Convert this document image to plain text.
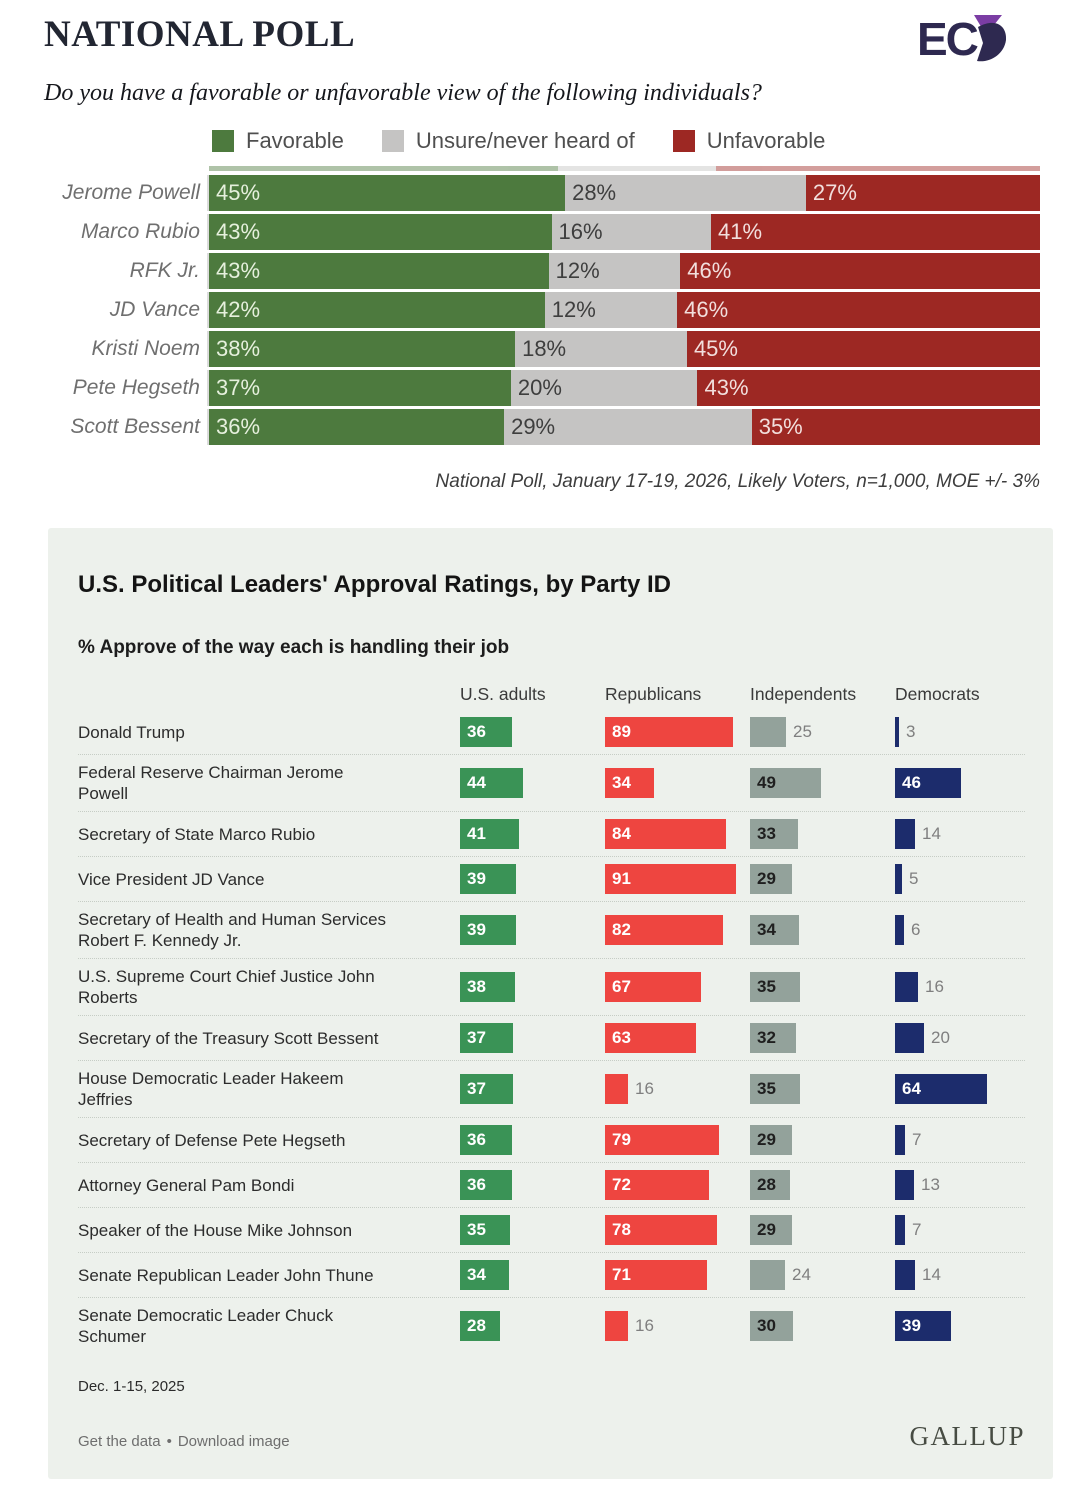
NATIONAL POLL	EC
Do you have a favorable or unfavorable view of the following individuals?
Favorable	Unsure/never heard of	Unfavorable
Jerome Powell 45%	28%	27%
Marco Rubio 43%	16%	41%
RFK Jr. 43%	12%	46%
JD Vance 42%	12%	46%
Kristi Noem 38%	18%	45%
Pete Hegseth 37%	20%	43%
Scott Bessent 36%	29%	35%
National Poll, January 17-19, 2026, Likely Voters, n=1,000, MOE +/- 3%
U.S. Political Leaders' Approval Ratings, by Party ID
% Approve of the way each is handling their job
U.S. adults	Republicans	Independents	Democrats
Donald Trump	36	89	25	3
Federal Reserve Chairman Jerome
Powell
44	34	49	46
Secretary of State Marco Rubio	41	84	33	14
Vice President JD Vance	39	91	29	5
Secretary of Health and Human Services
Robert F. Kennedy Jr.
39	82	34	6
U.S. Supreme Court Chief Justice John
Roberts
38	67	35	16
Secretary of the Treasury Scott Bessent	37	63	32	20
House Democratic Leader Hakeem
Jeffries
37	16	35	64
Secretary of Defense Pete Hegseth	36	79	29	7
Attorney General Pam Bondi	36	72	28	13
Speaker of the House Mike Johnson	35	78	29	7
Senate Republican Leader John Thune	34	71	24	14
Senate Democratic Leader Chuck
Schumer
28	16	30	39
Dec. 1-15, 2025
Get the data • Download image	GALLUP
